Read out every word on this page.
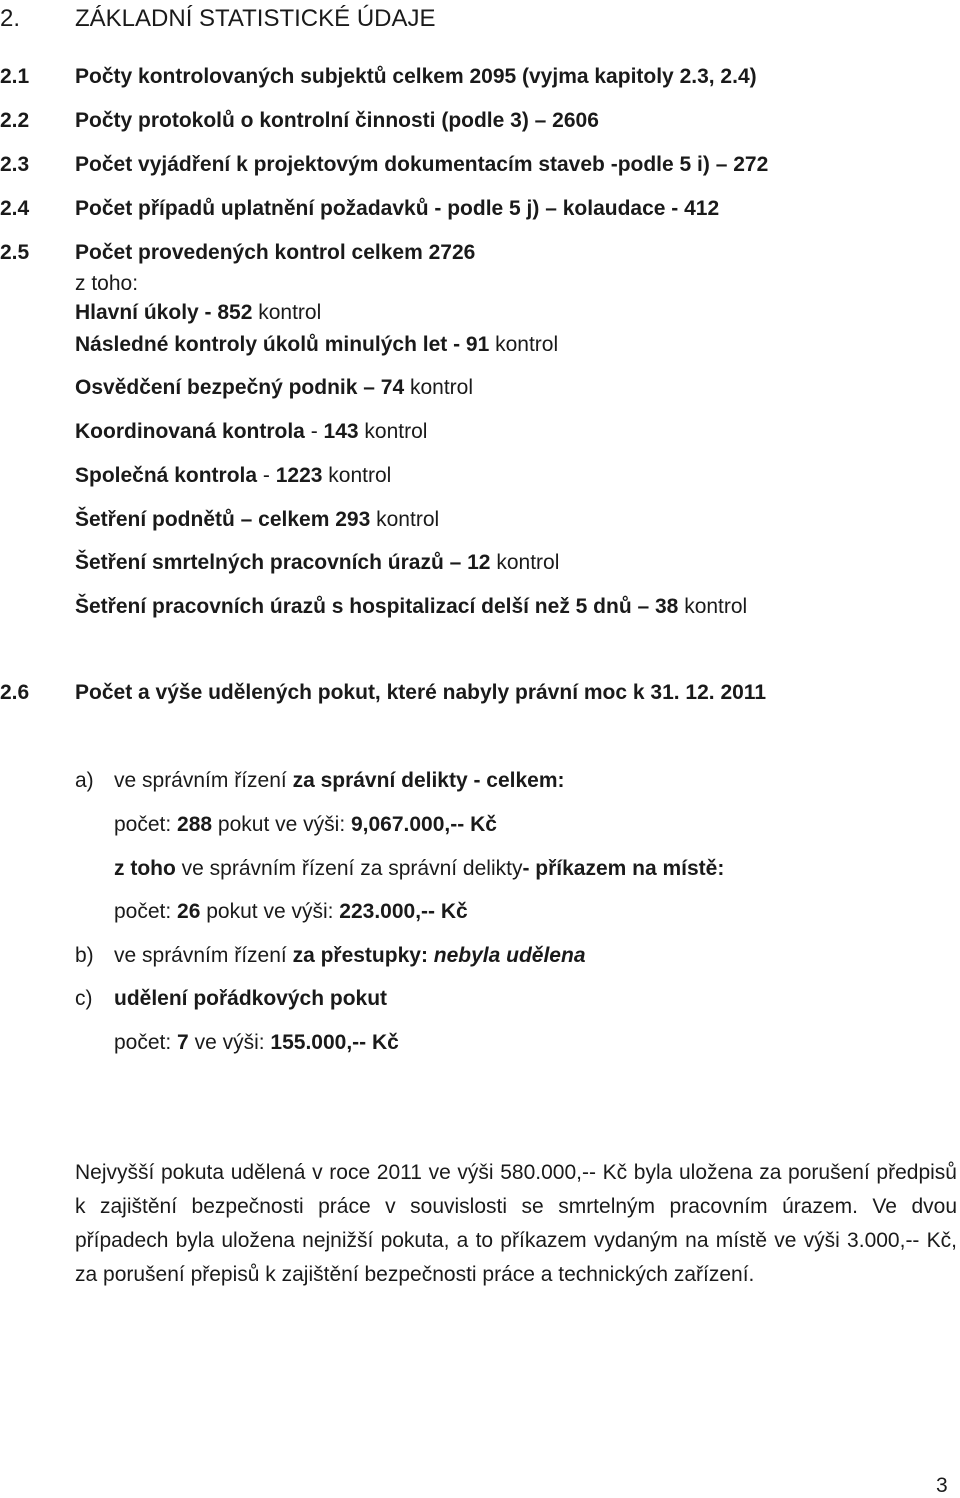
2. ZÁKLADNÍ STATISTICKÉ ÚDAJE
2.1 Počty kontrolovaných subjektů celkem 2095 (vyjma kapitoly 2.3, 2.4)
2.2 Počty protokolů o kontrolní činnosti (podle 3) – 2606
2.3 Počet vyjádření k projektovým dokumentacím staveb -podle 5 i) – 272
2.4 Počet případů uplatnění požadavků - podle 5 j) – kolaudace - 412
2.5 Počet provedených kontrol celkem 2726
z toho:
Hlavní úkoly - 852 kontrol
Následné kontroly úkolů minulých let - 91 kontrol
Osvědčení bezpečný podnik – 74 kontrol
Koordinovaná kontrola - 143 kontrol
Společná kontrola - 1223 kontrol
Šetření podnětů – celkem 293 kontrol
Šetření smrtelných pracovních úrazů – 12 kontrol
Šetření pracovních úrazů s hospitalizací delší než 5 dnů – 38 kontrol
2.6 Počet a výše udělených pokut, které nabyly právní moc k 31. 12. 2011
a) ve správním řízení za správní delikty - celkem:
počet: 288 pokut ve výši: 9,067.000,-- Kč
z toho ve správním řízení za správní delikty- příkazem na místě:
počet: 26 pokut ve výši: 223.000,-- Kč
b) ve správním řízení za přestupky: nebyla udělena
c) udělení pořádkových pokut
počet: 7 ve výši: 155.000,-- Kč
Nejvyšší pokuta udělená v roce 2011 ve výši 580.000,-- Kč byla uložena za porušení předpisů k zajištění bezpečnosti práce v souvislosti se smrtelným pracovním úrazem. Ve dvou případech byla uložena nejnižší pokuta, a to příkazem vydaným na místě ve výši 3.000,-- Kč, za porušení přepisů k zajištění bezpečnosti práce a technických zařízení.
3
